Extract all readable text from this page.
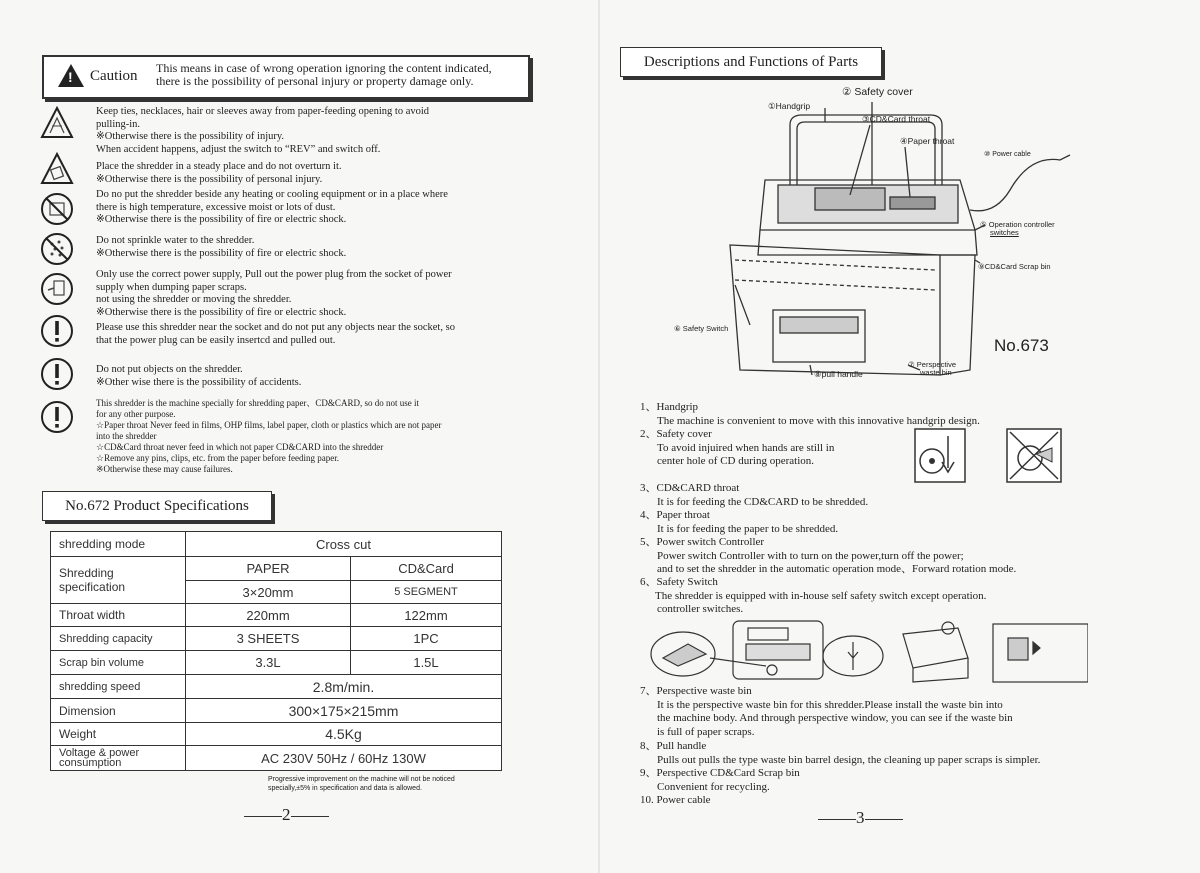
! Caution This means in case of wrong operation ignoring the content indicated,
there is the possibility of personal injury or property damage only.
Keep ties, necklaces, hair or sleeves away from paper-feeding opening to avoid
pulling-in.
※Otherwise there is the possibility of injury.
When accident happens, adjust the switch to “REV” and switch off.
Place the shredder in a steady place and do not overturn it.
※Otherwise there is the possibility of personal injury.
Do no put the shredder beside any heating or cooling equipment or in a place where
there is high temperature, excessive moist or lots of dust.
※Otherwise there is the possibility of fire or electric shock.
Do not sprinkle water to the shredder.
※Otherwise there is the possibility of fire or electric shock.
Only use the correct power supply, Pull out the power plug from the socket of power
supply when dumping paper scraps.
not using the shredder or moving the shredder.
※Otherwise there is the possibility of fire or electric shock.
Please use this shredder near the socket and do not put any objects near the socket, so
that the power plug can be easily insertcd and pulled out.
Do not put objects on the shredder.
※Other wise there is the possibility of accidents.
This shredder is the machine specially for shredding paper、CD&CARD, so do not use it
for any other purpose.
☆Paper throat Never feed in films, OHP films, label paper, cloth or plastics which are not paper
into the shredder
☆CD&Card throat never feed in which not paper CD&CARD into the shredder
☆Remove any pins, clips, etc. from the paper before feeding paper.
※Otherwise these may cause failures.
No.672 Product Specifications
shredding mode	Cross cut	
Shredding specification	PAPER	CD&Card
	3×20mm	5 SEGMENT
Throat width	220mm	122mm
Shredding capacity	3 SHEETS	1PC
Scrap bin volume	3.3L	1.5L
shredding speed	2.8m/min.	
Dimension	300×175×215mm	
Weight	4.5Kg	
Voltage & power consumption	AC 230V 50Hz / 60Hz 130W	
Progressive improvement on the machine will not be noticed
specially,±5% in specification and data is allowed.
2
Descriptions and Functions of Parts
①Handgrip
② Safety cover
③CD&Card throat
④Paper throat
⑩ Power cable
⑤ Operation controller
switches
⑨CD&Card Scrap bin
⑥ Safety Switch
⑧pull handle
⑦ Perspective
waste bin
No.673
1、Handgrip
The machine is convenient to move with this innovative handgrip design.
2、Safety cover
To avoid injuired when hands are still in
center hole of CD during operation.
3、CD&CARD throat
It is for feeding the CD&CARD to be shredded.
4、Paper throat
It is for feeding the paper to be shredded.
5、Power switch Controller
Power switch Controller with to turn on the power,turn off the power;
and to set the shredder in the automatic operation mode、Forward rotation mode.
6、Safety Switch
The shredder is equipped with in-house self safety switch except operation.
controller switches.
7、Perspective waste bin
It is the perspective waste bin for this shredder.Please install the waste bin into
the machine body. And through perspective window, you can see if the waste bin
is full of paper scraps.
8、Pull handle
Pulls out pulls the type waste bin barrel design, the cleaning up paper scraps is simpler.
9、Perspective CD&Card Scrap bin
Convenient for recycling.
10. Power cable
3
